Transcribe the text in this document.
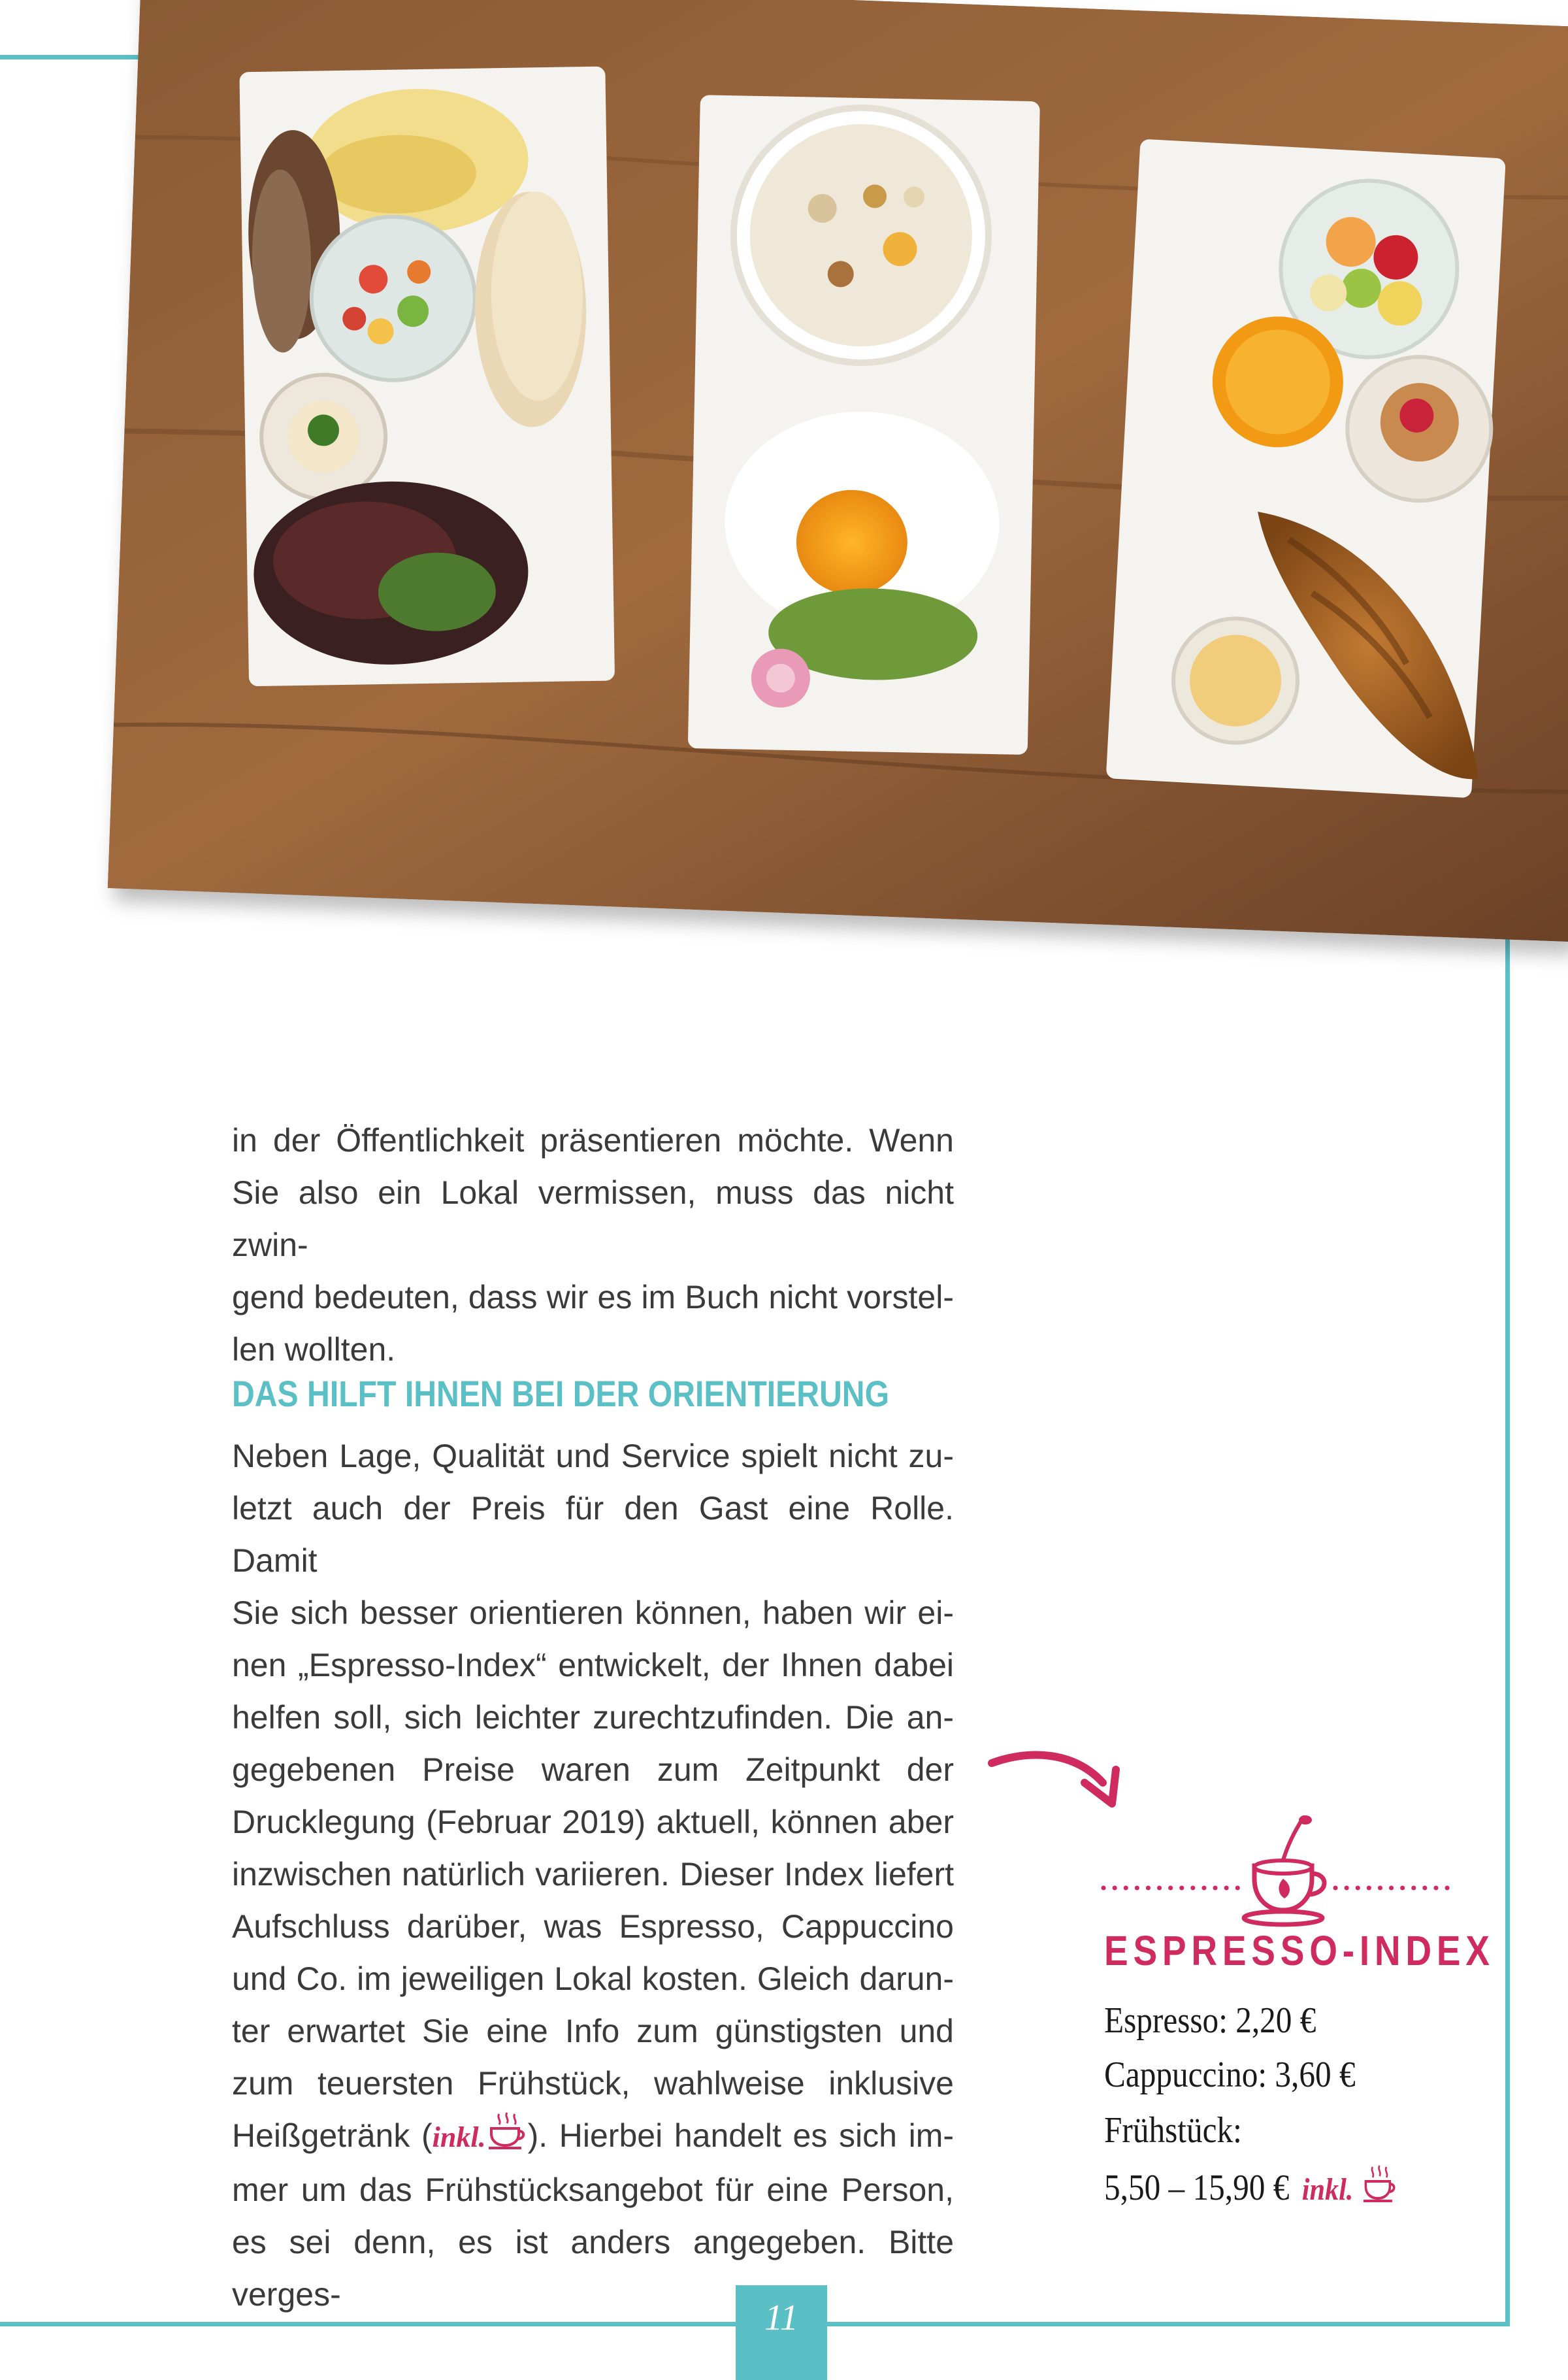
in der Öffentlichkeit präsentieren möchte. Wenn
Sie also ein Lokal vermissen, muss das nicht zwin-
gend bedeuten, dass wir es im Buch nicht vorstel-
len wollten.
DAS HILFT IHNEN BEI DER ORIENTIERUNG
Neben Lage, Qualität und Service spielt nicht zu-
letzt auch der Preis für den Gast eine Rolle. Damit
Sie sich besser orientieren können, haben wir ei-
nen „Espresso-Index“ entwickelt, der Ihnen dabei
helfen soll, sich leichter zurechtzufinden. Die an-
gegebenen Preise waren zum Zeitpunkt der
Drucklegung (Februar 2019) aktuell, können aber
inzwischen natürlich variieren. Dieser Index liefert
Aufschluss darüber, was Espresso, Cappuccino
und Co. im jeweiligen Lokal kosten. Gleich darun-
ter erwartet Sie eine Info zum günstigsten und
zum teuersten Frühstück, wahlweise inklusive
Heißgetränk (inkl. ). Hierbei handelt es sich im-
mer um das Frühstücksangebot für eine Person,
es sei denn, es ist anders angegeben. Bitte verges-
ESPRESSO-INDEX
Espresso: 2,20 €
Cappuccino: 3,60 €
Frühstück:
5,50 – 15,90 € inkl.
11
